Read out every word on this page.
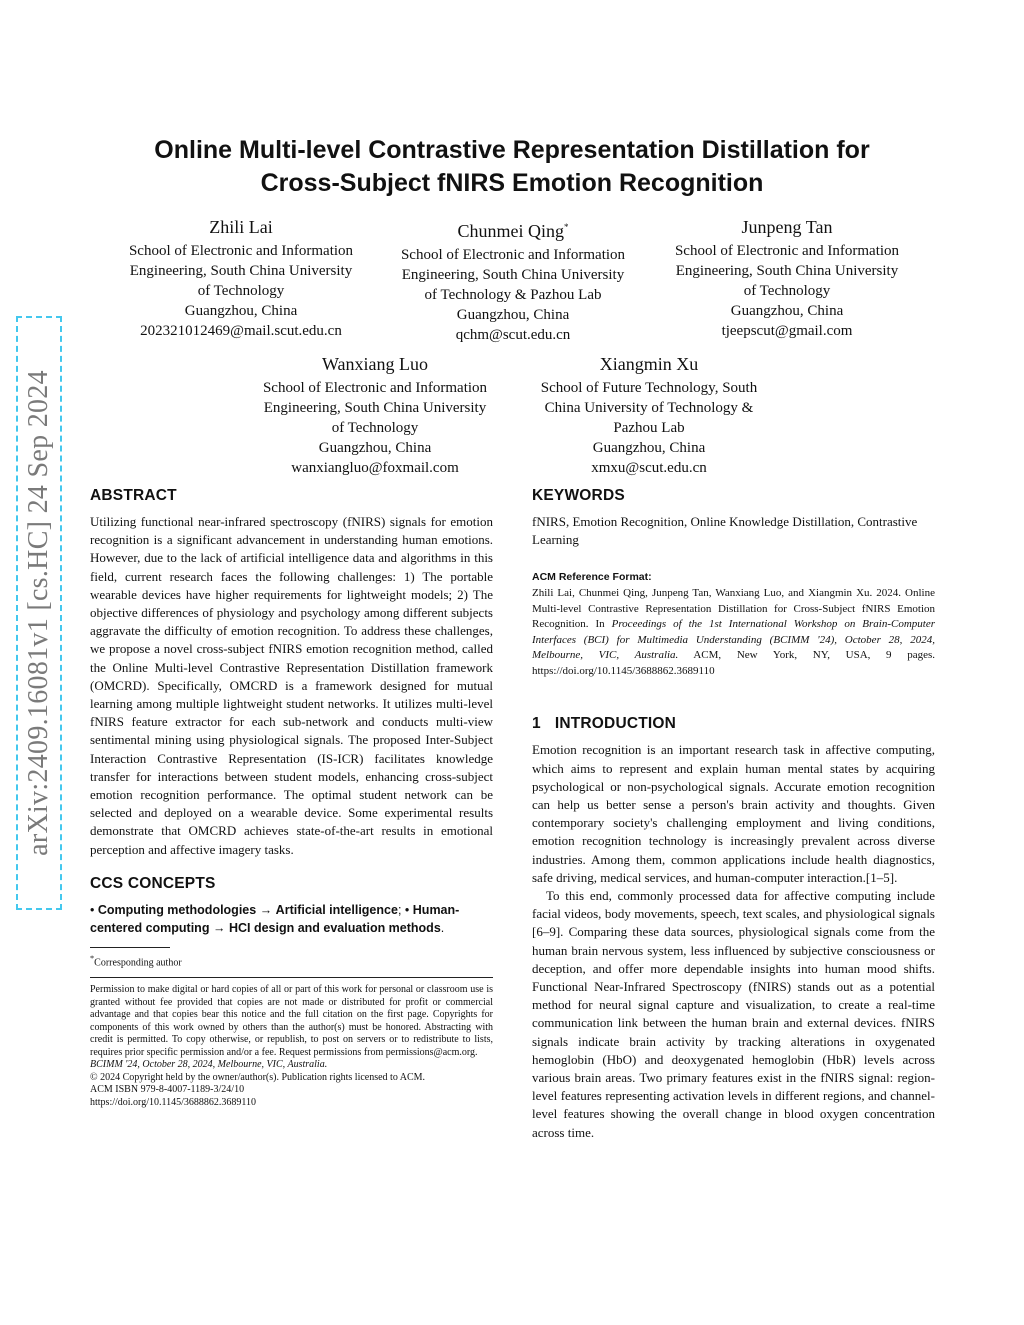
arXiv:2409.16081v1 [cs.HC] 24 Sep 2024
Online Multi-level Contrastive Representation Distillation for
Cross-Subject fNIRS Emotion Recognition
Zhili Lai
School of Electronic and Information
Engineering, South China University
of Technology
Guangzhou, China
202321012469@mail.scut.edu.cn
Chunmei Qing*
School of Electronic and Information
Engineering, South China University
of Technology & Pazhou Lab
Guangzhou, China
qchm@scut.edu.cn
Junpeng Tan
School of Electronic and Information
Engineering, South China University
of Technology
Guangzhou, China
tjeepscut@gmail.com
Wanxiang Luo
School of Electronic and Information
Engineering, South China University
of Technology
Guangzhou, China
wanxiangluo@foxmail.com
Xiangmin Xu
School of Future Technology, South
China University of Technology &
Pazhou Lab
Guangzhou, China
xmxu@scut.edu.cn
ABSTRACT

Utilizing functional near-infrared spectroscopy (fNIRS) signals for emotion recognition is a significant advancement in understanding human emotions. However, due to the lack of artificial intelligence data and algorithms in this field, current research faces the following challenges: 1) The portable wearable devices have higher requirements for lightweight models; 2) The objective differences of physiology and psychology among different subjects aggravate the difficulty of emotion recognition. To address these challenges, we propose a novel cross-subject fNIRS emotion recognition method, called the Online Multi-level Contrastive Representation Distillation framework (OMCRD). Specifically, OMCRD is a framework designed for mutual learning among multiple lightweight student networks. It utilizes multi-level fNIRS feature extractor for each sub-network and conducts multi-view sentimental mining using physiological signals. The proposed Inter-Subject Interaction Contrastive Representation (IS-ICR) facilitates knowledge transfer for interactions between student models, enhancing cross-subject emotion recognition performance. The optimal student network can be selected and deployed on a wearable device. Some experimental results demonstrate that OMCRD achieves state-of-the-art results in emotional perception and affective imagery tasks.

CCS CONCEPTS

• Computing methodologies → Artificial intelligence; • Human-centered computing → HCI design and evaluation methods.

*Corresponding author

Permission to make digital or hard copies of all or part of this work for personal or classroom use is granted without fee provided that copies are not made or distributed for profit or commercial advantage and that copies bear this notice and the full citation on the first page. Copyrights for components of this work owned by others than the author(s) must be honored. Abstracting with credit is permitted. To copy otherwise, or republish, to post on servers or to redistribute to lists, requires prior specific permission and/or a fee. Request permissions from permissions@acm.org.

BCIMM '24, October 28, 2024, Melbourne, VIC, Australia.

© 2024 Copyright held by the owner/author(s). Publication rights licensed to ACM.

ACM ISBN 979-8-4007-1189-3/24/10

https://doi.org/10.1145/3688862.3689110

KEYWORDS

fNIRS, Emotion Recognition, Online Knowledge Distillation, Contrastive Learning

ACM Reference Format:

Zhili Lai, Chunmei Qing, Junpeng Tan, Wanxiang Luo, and Xiangmin Xu. 2024. Online Multi-level Contrastive Representation Distillation for Cross-Subject fNIRS Emotion Recognition. In Proceedings of the 1st International Workshop on Brain-Computer Interfaces (BCI) for Multimedia Understanding (BCIMM '24), October 28, 2024, Melbourne, VIC, Australia. ACM, New York, NY, USA, 9 pages. https://doi.org/10.1145/3688862.3689110

1 INTRODUCTION

Emotion recognition is an important research task in affective computing, which aims to represent and explain human mental states by acquiring psychological or non-psychological signals. Accurate emotion recognition can help us better sense a person's brain activity and thoughts. Given contemporary society's challenging employment and living conditions, emotion recognition technology is increasingly prevalent across diverse industries. Among them, common applications include health diagnostics, safe driving, medical services, and human-computer interaction.[1–5].

To this end, commonly processed data for affective computing include facial videos, body movements, speech, text scales, and physiological signals [6–9]. Comparing these data sources, physiological signals come from the human brain nervous system, less influenced by subjective consciousness or deception, and offer more dependable insights into human mood shifts. Functional Near-Infrared Spectroscopy (fNIRS) stands out as a potential method for neural signal capture and visualization, to create a real-time communication link between the human brain and external devices. fNIRS signals indicate brain activity by tracking alterations in oxygenated hemoglobin (HbO) and deoxygenated hemoglobin (HbR) levels across various brain areas. Two primary features exist in the fNIRS signal: region-level features representing activation levels in different regions, and channel-level features showing the overall change in blood oxygen concentration across time.
